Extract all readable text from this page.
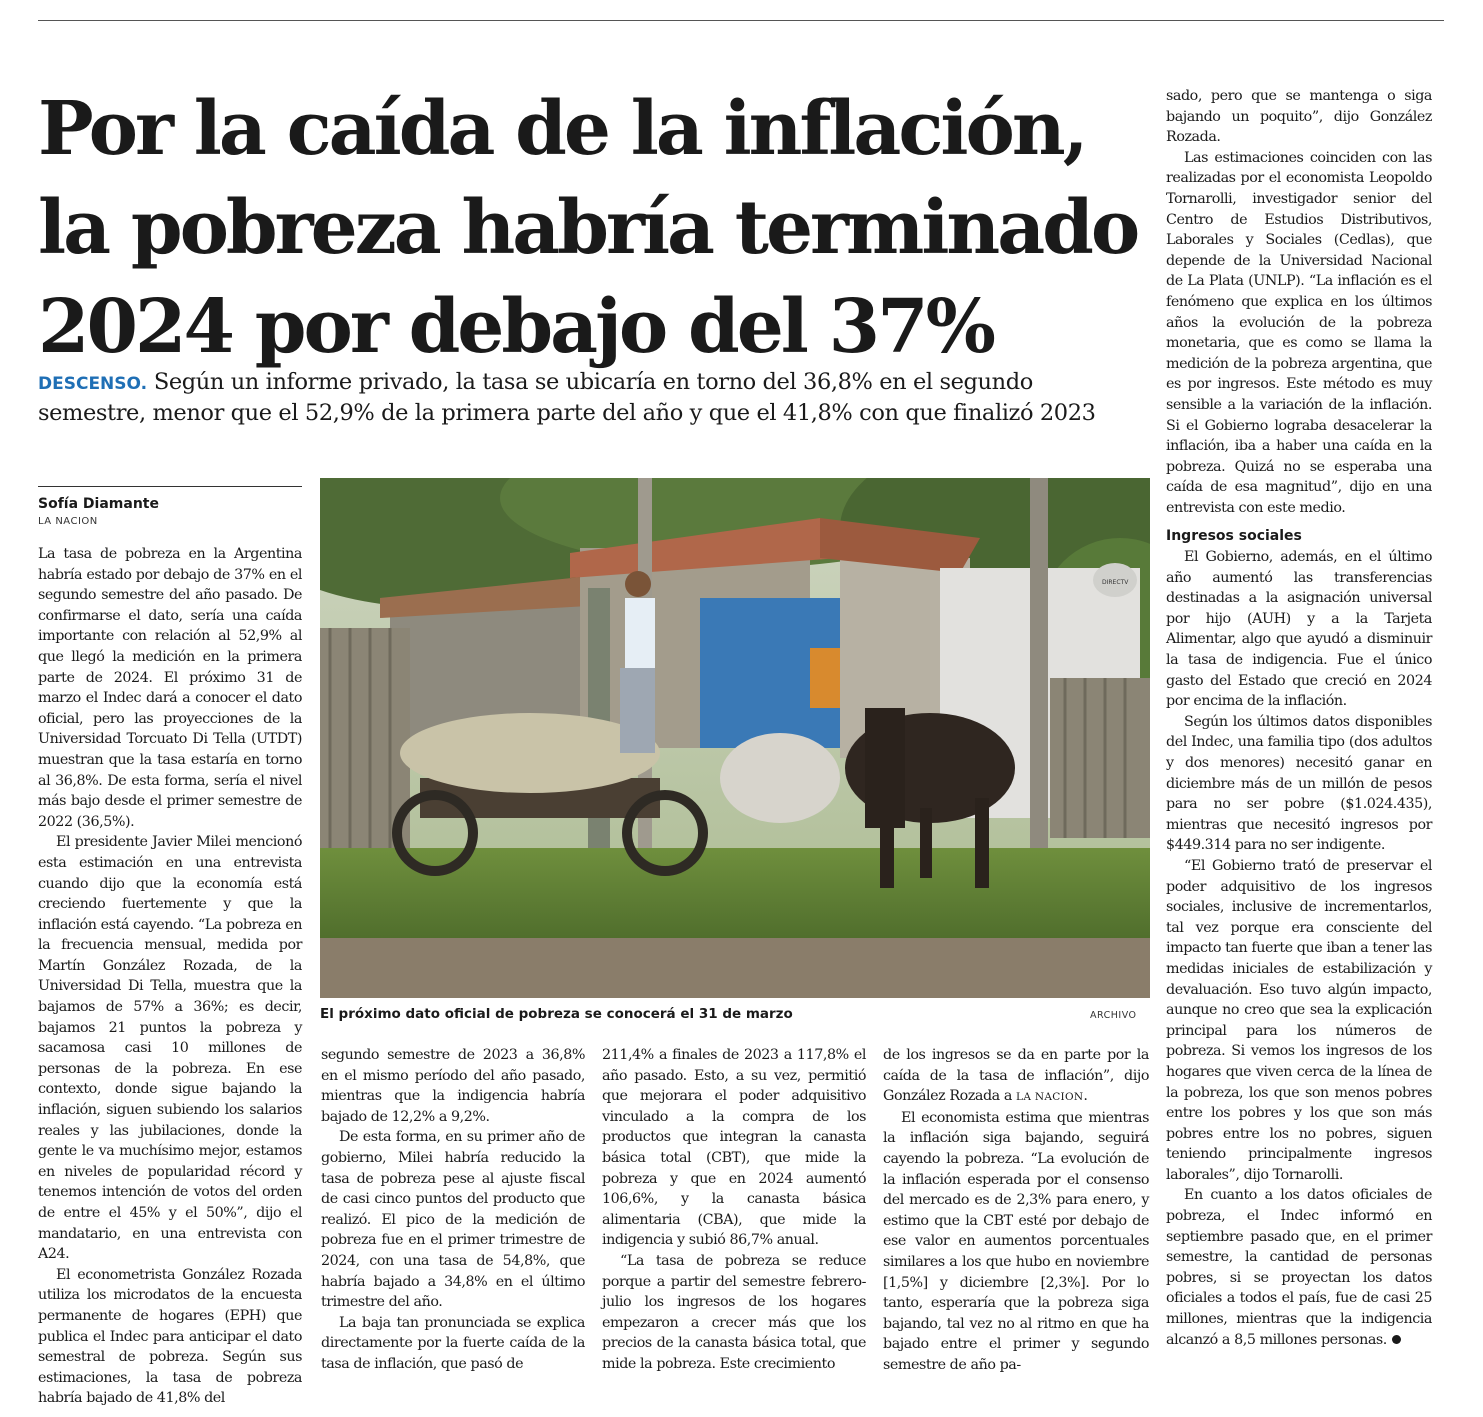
Por la caída de la inflación,
la pobreza habría terminado
2024 por debajo del 37%
DESCENSO. Según un informe privado, la tasa se ubicaría en torno del 36,8% en el segundo
semestre, menor que el 52,9% de la primera parte del año y que el 41,8% con que finalizó 2023
Sofía Diamante
LA NACION

La tasa de pobreza en la Argentina habría estado por debajo de 37% en el segundo semestre del año pasado. De confirmarse el dato, sería una caída importante con relación al 52,9% al que llegó la medición en la primera parte de 2024. El próximo 31 de marzo el Indec dará a conocer el dato oficial, pero las proyecciones de la Universidad Torcuato Di Tella (UTDT) muestran que la tasa estaría en torno al 36,8%. De esta forma, sería el nivel más bajo desde el primer semestre de 2022 (36,5%).

El presidente Javier Milei mencionó esta estimación en una entrevista cuando dijo que la economía está creciendo fuertemente y que la inflación está cayendo. “La pobreza en la frecuencia mensual, medida por Martín González Rozada, de la Universidad Di Tella, muestra que la bajamos de 57% a 36%; es decir, bajamos 21 puntos la pobreza y sacamosa casi 10 millones de personas de la pobreza. En ese contexto, donde sigue bajando la inflación, siguen subiendo los salarios reales y las jubilaciones, donde la gente le va muchísimo mejor, estamos en niveles de popularidad récord y tenemos intención de votos del orden de entre el 45% y el 50%”, dijo el mandatario, en una entrevista con A24.

El econometrista González Rozada utiliza los microdatos de la encuesta permanente de hogares (EPH) que publica el Indec para anticipar el dato semestral de pobreza. Según sus estimaciones, la tasa de pobreza habría bajado de 41,8% del

DIRECTV

El próximo dato oficial de pobreza se conocerá el 31 de marzo	ARCHIVO

segundo semestre de 2023 a 36,8% en el mismo período del año pasado, mientras que la indigencia habría bajado de 12,2% a 9,2%.

De esta forma, en su primer año de gobierno, Milei habría reducido la tasa de pobreza pese al ajuste fiscal de casi cinco puntos del producto que realizó. El pico de la medición de pobreza fue en el primer trimestre de 2024, con una tasa de 54,8%, que habría bajado a 34,8% en el último trimestre del año.

La baja tan pronunciada se explica directamente por la fuerte caída de la tasa de inflación, que pasó de

211,4% a finales de 2023 a 117,8% el año pasado. Esto, a su vez, permitió que mejorara el poder adquisitivo vinculado a la compra de los productos que integran la canasta básica total (CBT), que mide la pobreza y que en 2024 aumentó 106,6%, y la canasta básica alimentaria (CBA), que mide la indigencia y subió 86,7% anual.

“La tasa de pobreza se reduce porque a partir del semestre febrero-julio los ingresos de los hogares empezaron a crecer más que los precios de la canasta básica total, que mide la pobreza. Este crecimiento

de los ingresos se da en parte por la caída de la tasa de inflación”, dijo González Rozada a LA NACION.

El economista estima que mientras la inflación siga bajando, seguirá cayendo la pobreza. “La evolución de la inflación esperada por el consenso del mercado es de 2,3% para enero, y estimo que la CBT esté por debajo de ese valor en aumentos porcentuales similares a los que hubo en noviembre [1,5%] y diciembre [2,3%]. Por lo tanto, esperaría que la pobreza siga bajando, tal vez no al ritmo en que ha bajado entre el primer y segundo semestre de año pa-

sado, pero que se mantenga o siga bajando un poquito”, dijo González Rozada.

Las estimaciones coinciden con las realizadas por el economista Leopoldo Tornarolli, investigador senior del Centro de Estudios Distributivos, Laborales y Sociales (Cedlas), que depende de la Universidad Nacional de La Plata (UNLP). “La inflación es el fenómeno que explica en los últimos años la evolución de la pobreza monetaria, que es como se llama la medición de la pobreza argentina, que es por ingresos. Este método es muy sensible a la variación de la inflación. Si el Gobierno lograba desacelerar la inflación, iba a haber una caída en la pobreza. Quizá no se esperaba una caída de esa magnitud”, dijo en una entrevista con este medio.

Ingresos sociales

El Gobierno, además, en el último año aumentó las transferencias destinadas a la asignación universal por hijo (AUH) y a la Tarjeta Alimentar, algo que ayudó a disminuir la tasa de indigencia. Fue el único gasto del Estado que creció en 2024 por encima de la inflación.

Según los últimos datos disponibles del Indec, una familia tipo (dos adultos y dos menores) necesitó ganar en diciembre más de un millón de pesos para no ser pobre ($1.024.435), mientras que necesitó ingresos por $449.314 para no ser indigente.

“El Gobierno trató de preservar el poder adquisitivo de los ingresos sociales, inclusive de incrementarlos, tal vez porque era consciente del impacto tan fuerte que iban a tener las medidas iniciales de estabilización y devaluación. Eso tuvo algún impacto, aunque no creo que sea la explicación principal para los números de pobreza. Si vemos los ingresos de los hogares que viven cerca de la línea de la pobreza, los que son menos pobres entre los pobres y los que son más pobres entre los no pobres, siguen teniendo principalmente ingresos laborales”, dijo Tornarolli.

En cuanto a los datos oficiales de pobreza, el Indec informó en septiembre pasado que, en el primer semestre, la cantidad de personas pobres, si se proyectan los datos oficiales a todos el país, fue de casi 25 millones, mientras que la indigencia alcanzó a 8,5 millones personas.
